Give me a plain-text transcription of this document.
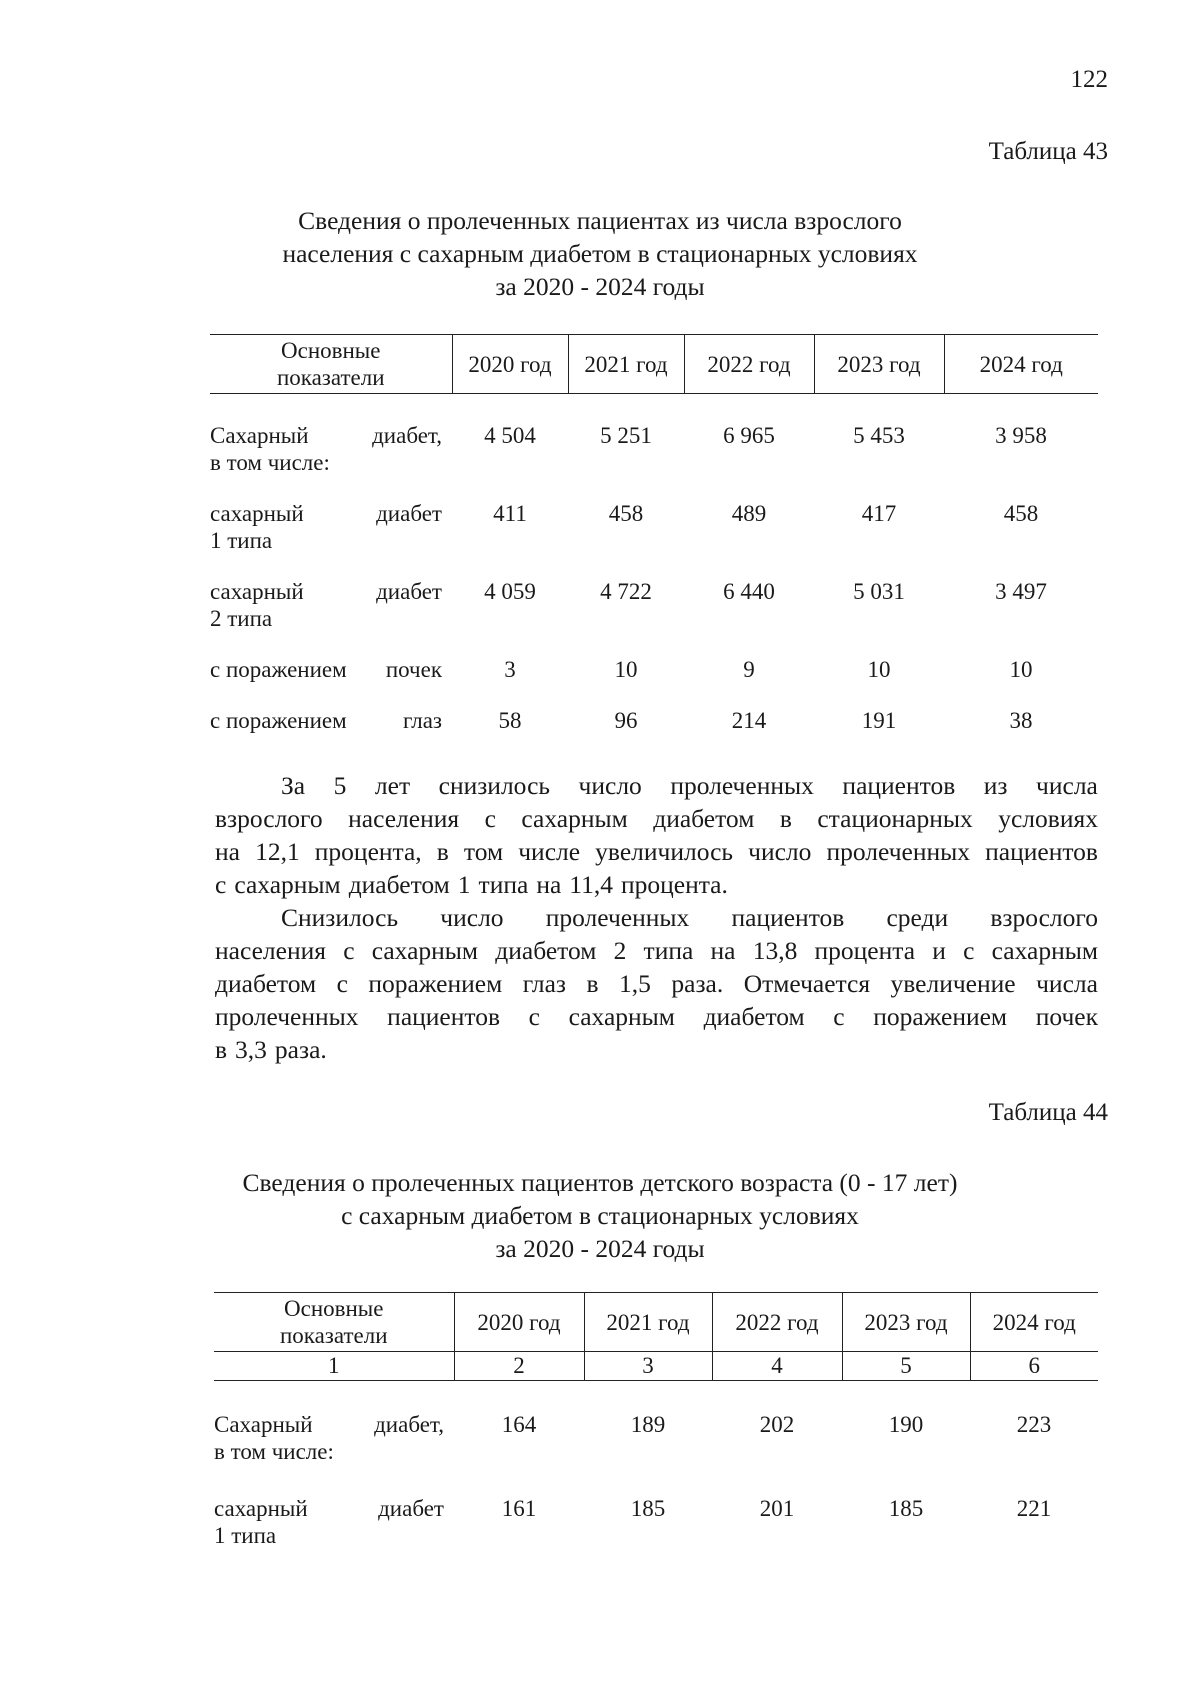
122
Таблица 43
Сведения о пролеченных пациентах из числа взрослого
населения с сахарным диабетом в стационарных условиях
за 2020 - 2024 годы
Основные
показатели	2020 год	2021 год	2022 год	2023 год	2024 год

Сахарный диабет,
в том числе:	4 504	5 251	6 965	5 453	3 958

сахарный диабет
1 типа	411	458	489	417	458

сахарный диабет
2 типа	4 059	4 722	6 440	5 031	3 497

с поражением почек	3	10	9	10	10

с поражением глаз	58	96	214	191	38
За 5 лет снизилось число пролеченных пациентов из числа
взрослого населения с сахарным диабетом в стационарных условиях
на 12,1 процента, в том числе увеличилось число пролеченных пациентов
с сахарным диабетом 1 типа на 11,4 процента.
Снизилось число пролеченных пациентов среди взрослого
населения с сахарным диабетом 2 типа на 13,8 процента и с сахарным
диабетом с поражением глаз в 1,5 раза. Отмечается увеличение числа
пролеченных пациентов с сахарным диабетом с поражением почек
в 3,3 раза.
Таблица 44
Сведения о пролеченных пациентов детского возраста (0 - 17 лет)
с сахарным диабетом в стационарных условиях
за 2020 - 2024 годы
Основные
показатели	2020 год	2021 год	2022 год	2023 год	2024 год
1	2	3	4	5	6

Сахарный диабет,
в том числе:	164	189	202	190	223

сахарный диабет
1 типа	161	185	201	185	221
